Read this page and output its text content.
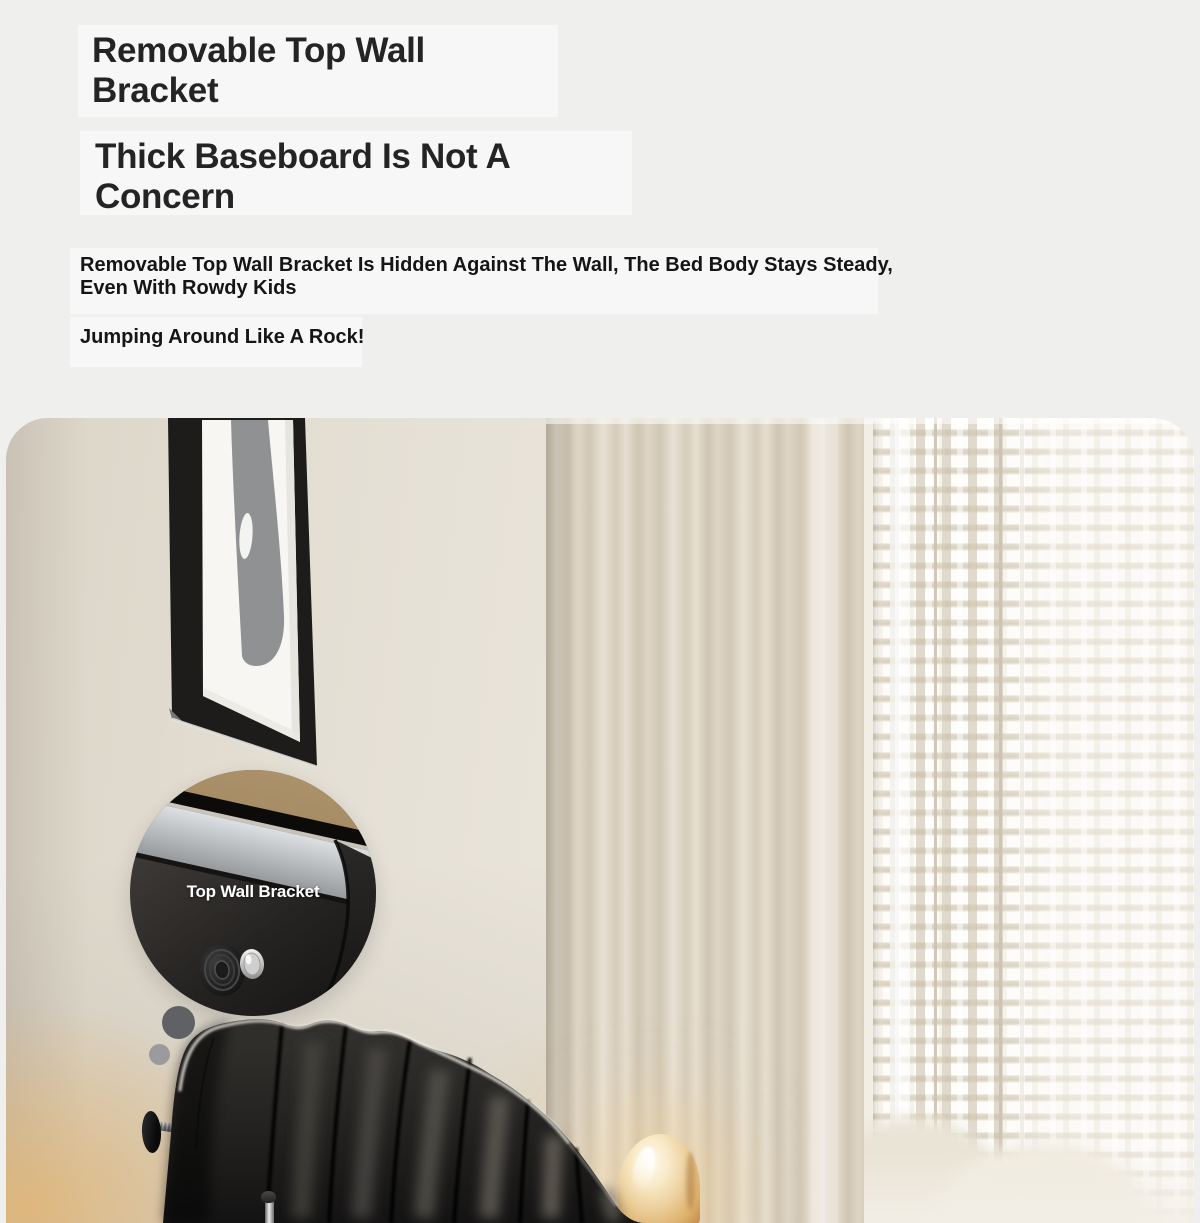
Removable Top Wall
Bracket
Thick Baseboard Is Not A
Concern
Removable Top Wall Bracket Is Hidden Against The Wall, The Bed Body Stays Steady,
Even With Rowdy Kids
Jumping Around Like A Rock!
Top Wall Bracket
